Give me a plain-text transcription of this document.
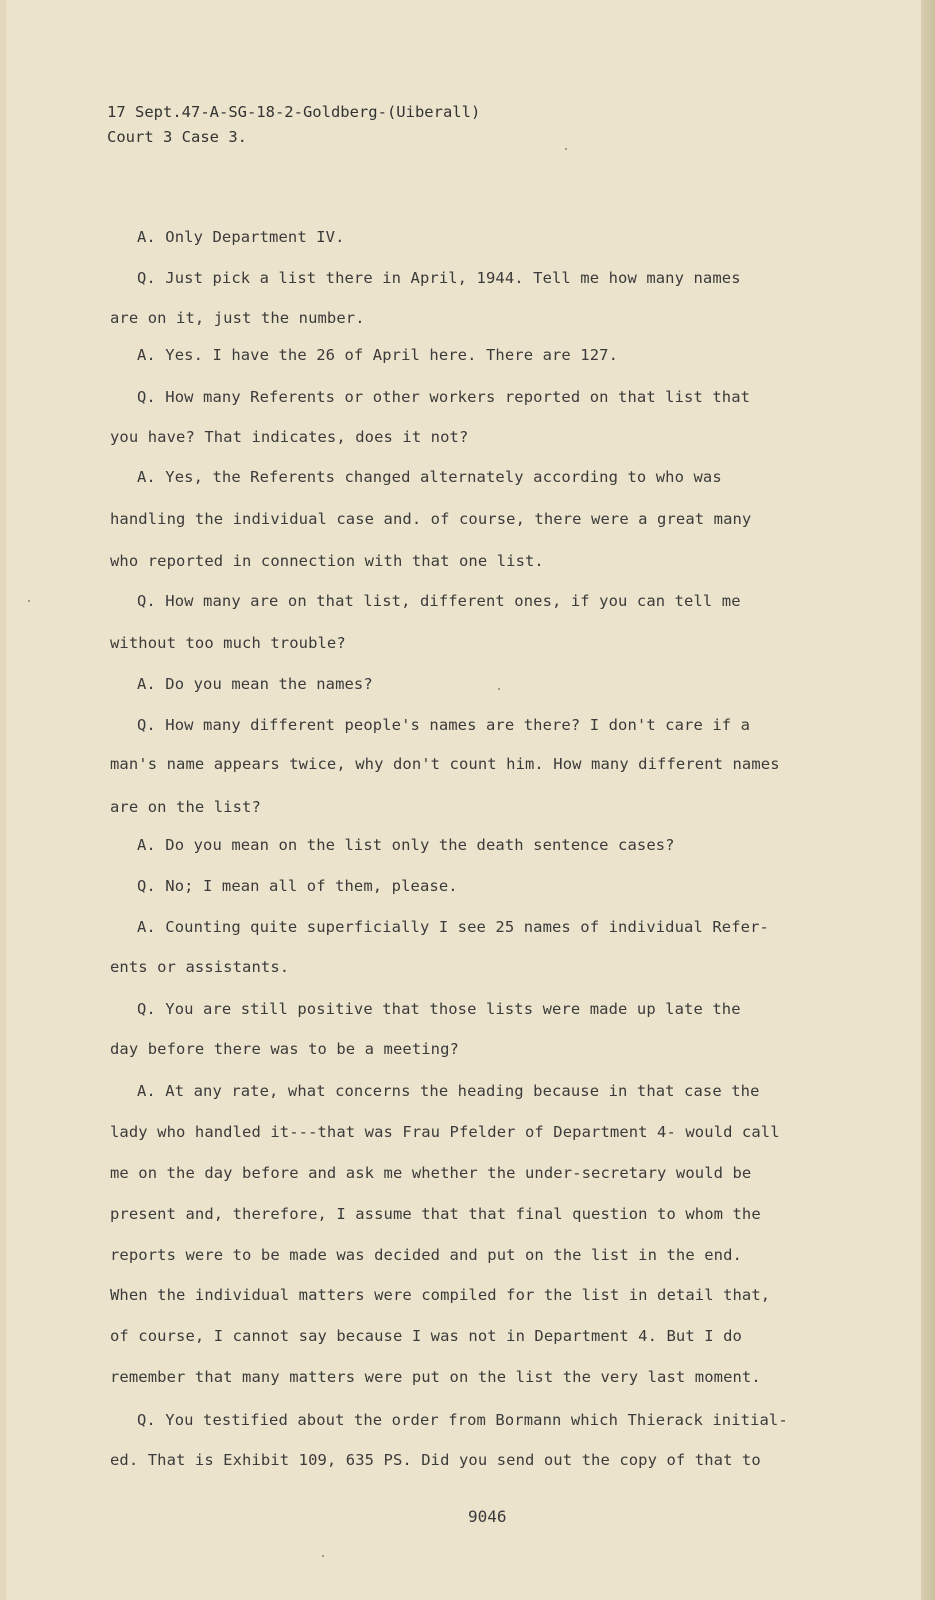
17 Sept.47-A-SG-18-2-Goldberg-(Uiberall)
Court 3 Case 3.
A. Only Department IV.
Q. Just pick a list there in April, 1944. Tell me how many names
are on it, just the number.
A. Yes. I have the 26 of April here. There are 127.
Q. How many Referents or other workers reported on that list that
you have? That indicates, does it not?
A. Yes, the Referents changed alternately according to who was
handling the individual case and. of course, there were a great many
who reported in connection with that one list.
Q. How many are on that list, different ones, if you can tell me
without too much trouble?
A. Do you mean the names?
Q. How many different people's names are there? I don't care if a
man's name appears twice, why don't count him. How many different names
are on the list?
A. Do you mean on the list only the death sentence cases?
Q. No; I mean all of them, please.
A. Counting quite superficially I see 25 names of individual Refer-
ents or assistants.
Q. You are still positive that those lists were made up late the
day before there was to be a meeting?
A. At any rate, what concerns the heading because in that case the
lady who handled it---that was Frau Pfelder of Department 4- would call
me on the day before and ask me whether the under-secretary would be
present and, therefore, I assume that that final question to whom the
reports were to be made was decided and put on the list in the end.
When the individual matters were compiled for the list in detail that,
of course, I cannot say because I was not in Department 4. But I do
remember that many matters were put on the list the very last moment.
Q. You testified about the order from Bormann which Thierack initial-
ed. That is Exhibit 109, 635 PS. Did you send out the copy of that to
9046
